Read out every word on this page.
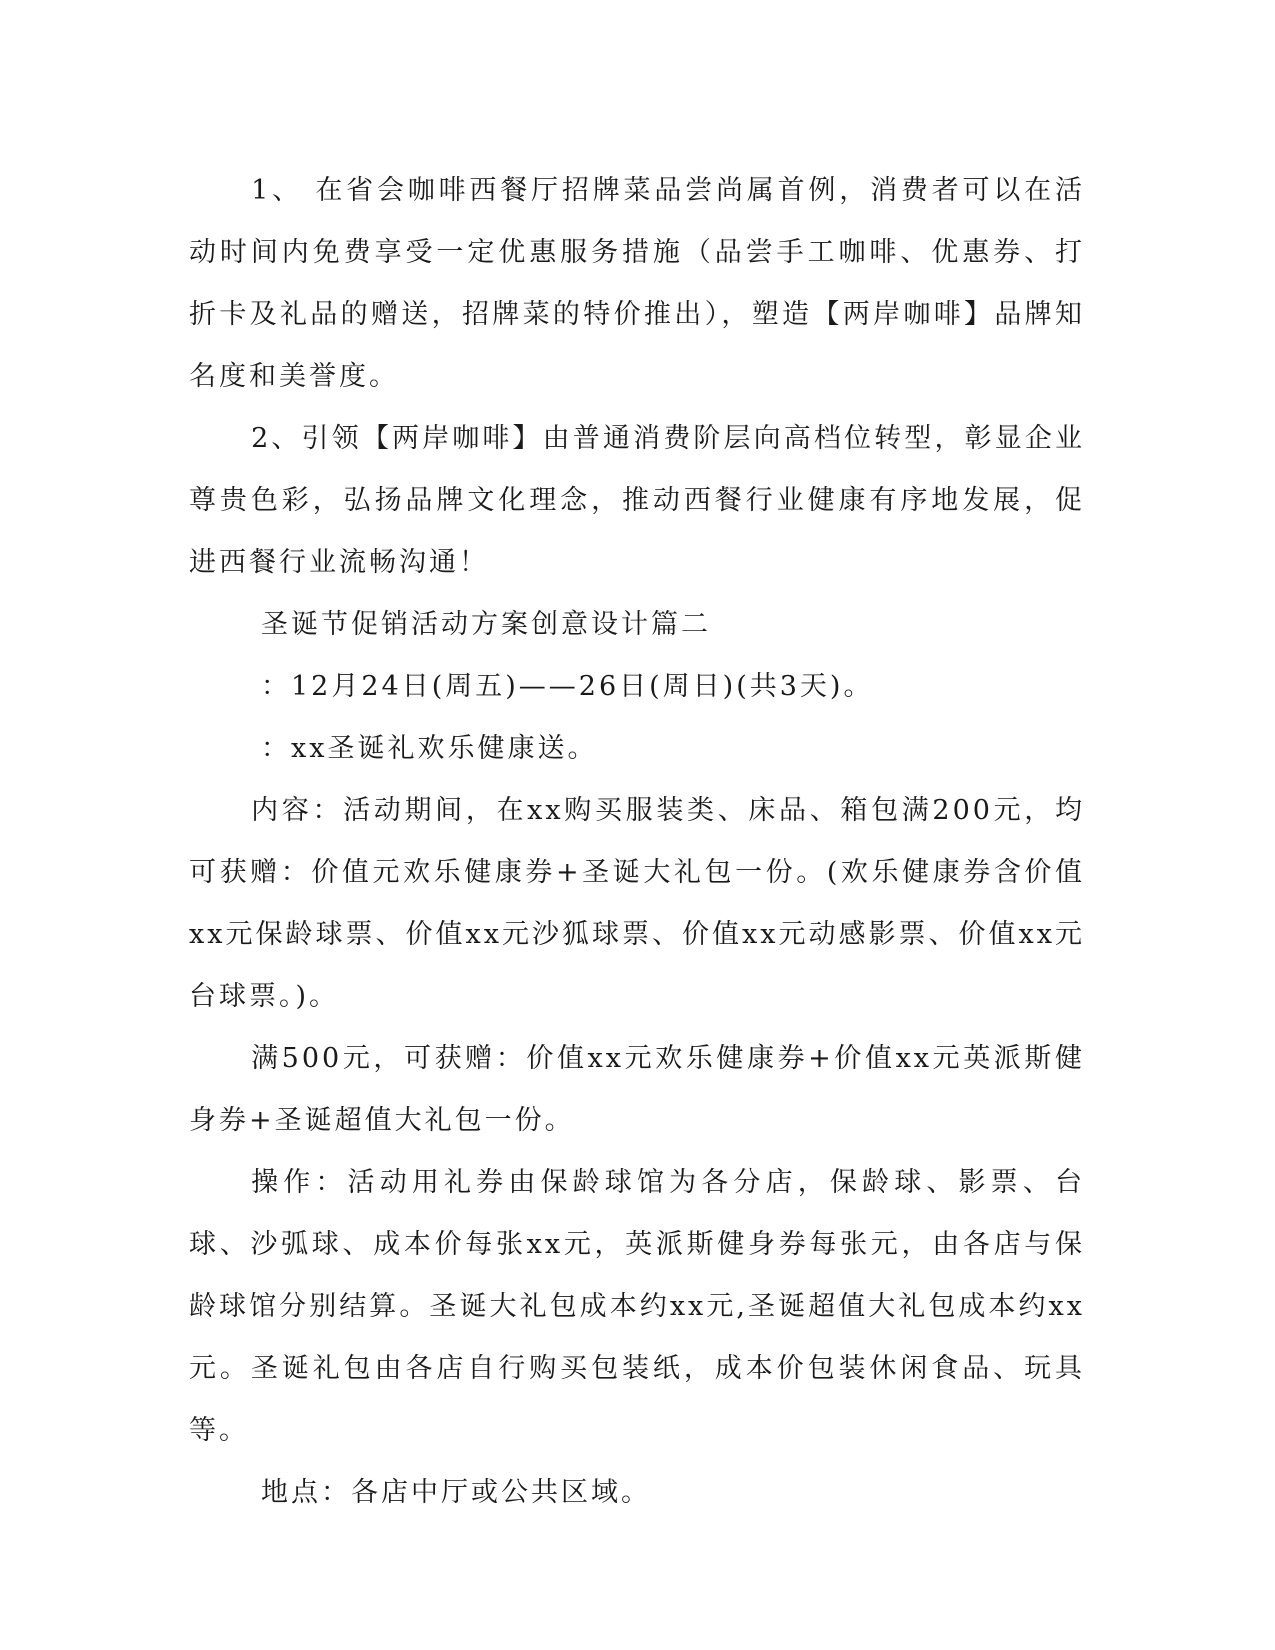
1、 在省会咖啡西餐厅招牌菜品尝尚属首例，消费者可以在活动时间内免费享受一定优惠服务措施（品尝手工咖啡、优惠券、打折卡及礼品的赠送，招牌菜的特价推出），塑造【两岸咖啡】品牌知名度和美誉度。

2、引领【两岸咖啡】由普通消费阶层向高档位转型，彰显企业尊贵色彩，弘扬品牌文化理念，推动西餐行业健康有序地发展，促进西餐行业流畅沟通！

圣诞节促销活动方案创意设计篇二

：12月24日(周五)——26日(周日)(共3天)。

：xx圣诞礼欢乐健康送。

内容：活动期间，在xx购买服装类、床品、箱包满200元，均可获赠：价值元欢乐健康券+圣诞大礼包一份。(欢乐健康券含价值xx元保龄球票、价值xx元沙狐球票、价值xx元动感影票、价值xx元台球票。)。

满500元，可获赠：价值xx元欢乐健康券+价值xx元英派斯健身券+圣诞超值大礼包一份。

操作：活动用礼券由保龄球馆为各分店，保龄球、影票、台球、沙弧球、成本价每张xx元，英派斯健身券每张元，由各店与保龄球馆分别结算。圣诞大礼包成本约xx元,圣诞超值大礼包成本约xx元。圣诞礼包由各店自行购买包装纸，成本价包装休闲食品、玩具等。

地点：各店中厅或公共区域。
